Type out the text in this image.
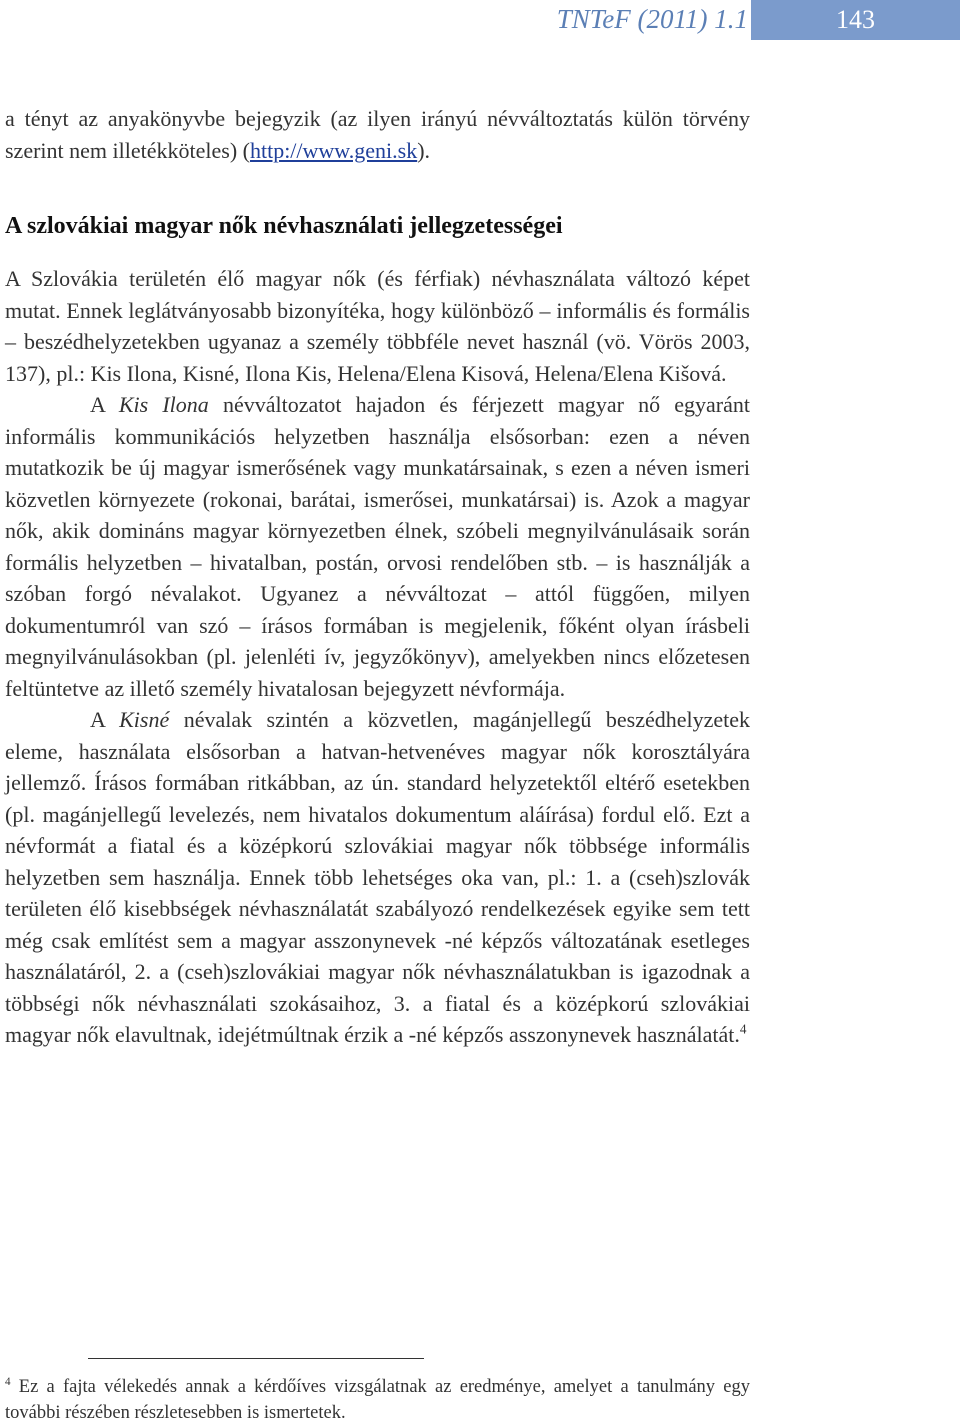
TNTeF (2011) 1.1	143

a tényt az anyakönyvbe bejegyzik (az ilyen irányú névváltoztatás külön törvény szerint nem illetékköteles) (http://www.geni.sk).

A szlovákiai magyar nők névhasználati jellegzetességei

A Szlovákia területén élő magyar nők (és férfiak) névhasználata változó képet mutat. Ennek leglátványosabb bizonyítéka, hogy különböző – informális és formális – beszédhelyzetekben ugyanaz a személy többféle nevet használ (vö. Vörös 2003, 137), pl.: Kis Ilona, Kisné, Ilona Kis, Helena/Elena Kisová, Helena/Elena Kišová.

A Kis Ilona névváltozatot hajadon és férjezett magyar nő egyaránt informális kommunikációs helyzetben használja elsősorban: ezen a néven mutatkozik be új magyar ismerősének vagy munkatársainak, s ezen a néven ismeri közvetlen környezete (rokonai, barátai, ismerősei, munkatársai) is. Azok a magyar nők, akik domináns magyar környezetben élnek, szóbeli megnyilvánulásaik során formális helyzetben – hivatalban, postán, orvosi rendelőben stb. – is használják a szóban forgó névalakot. Ugyanez a névváltozat – attól függően, milyen dokumentumról van szó – írásos formában is megjelenik, főként olyan írásbeli megnyilvánulásokban (pl. jelenléti ív, jegyzőkönyv), amelyekben nincs előzetesen feltüntetve az illető személy hivatalosan bejegyzett névformája.

A Kisné névalak szintén a közvetlen, magánjellegű beszédhelyzetek eleme, használata elsősorban a hatvan-hetvenéves magyar nők korosztályára jellemző. Írásos formában ritkábban, az ún. standard helyzetektől eltérő esetekben (pl. magánjellegű levelezés, nem hivatalos dokumentum aláírása) fordul elő. Ezt a névformát a fiatal és a középkorú szlovákiai magyar nők többsége informális helyzetben sem használja. Ennek több lehetséges oka van, pl.: 1. a (cseh)szlovák területen élő kisebbségek névhasználatát szabályozó rendelkezések egyike sem tett még csak említést sem a magyar asszonynevek -né képzős változatának esetleges használatáról, 2. a (cseh)szlovákiai magyar nők névhasználatukban is igazodnak a többségi nők névhasználati szokásaihoz, 3. a fiatal és a középkorú szlovákiai magyar nők elavultnak, idejétmúltnak érzik a -né képzős asszonynevek használatát.$^4$

$^4$ Ez a fajta vélekedés annak a kérdőíves vizsgálatnak az eredménye, amelyet a tanulmány egy további részében részletesebben is ismertetek.
